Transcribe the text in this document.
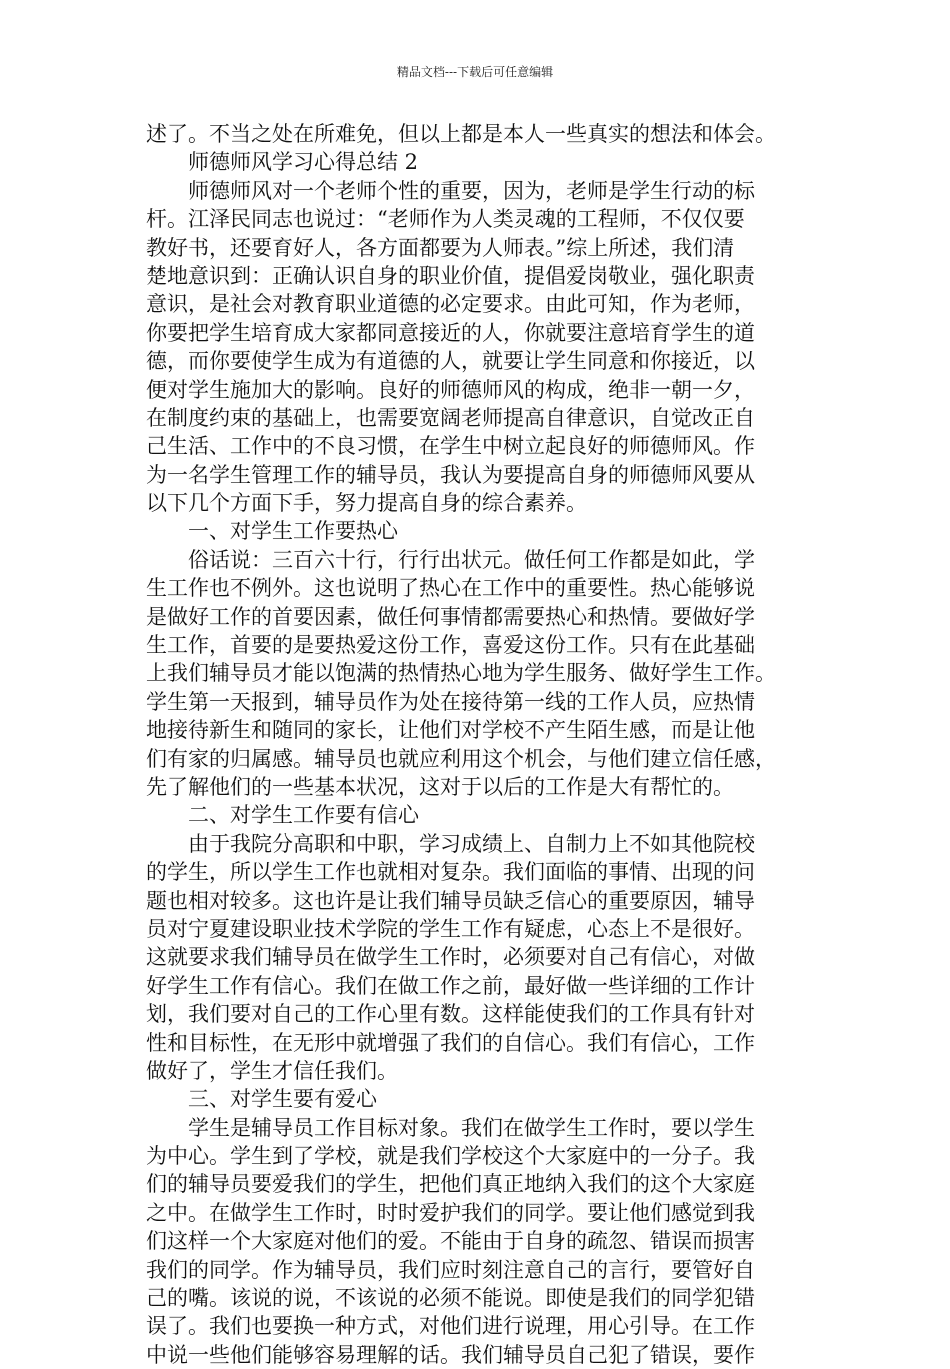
精品文档---下载后可任意编辑
述了。不当之处在所难免，但以上都是本人一些真实的想法和体会。
师德师风学习心得总结 2
师德师风对一个老师个性的重要，因为，老师是学生行动的标
杆。江泽民同志也说过：“老师作为人类灵魂的工程师，不仅仅要
教好书，还要育好人，各方面都要为人师表。”综上所述，我们清
楚地意识到：正确认识自身的职业价值，提倡爱岗敬业，强化职责
意识，是社会对教育职业道德的必定要求。由此可知，作为老师，
你要把学生培育成大家都同意接近的人，你就要注意培育学生的道
德，而你要使学生成为有道德的人，就要让学生同意和你接近，以
便对学生施加大的影响。良好的师德师风的构成，绝非一朝一夕，
在制度约束的基础上，也需要宽阔老师提高自律意识，自觉改正自
己生活、工作中的不良习惯，在学生中树立起良好的师德师风。作
为一名学生管理工作的辅导员，我认为要提高自身的师德师风要从
以下几个方面下手，努力提高自身的综合素养。
一、对学生工作要热心
俗话说：三百六十行，行行出状元。做任何工作都是如此，学
生工作也不例外。这也说明了热心在工作中的重要性。热心能够说
是做好工作的首要因素，做任何事情都需要热心和热情。要做好学
生工作，首要的是要热爱这份工作，喜爱这份工作。只有在此基础
上我们辅导员才能以饱满的热情热心地为学生服务、做好学生工作。
学生第一天报到，辅导员作为处在接待第一线的工作人员，应热情
地接待新生和随同的家长，让他们对学校不产生陌生感，而是让他
们有家的归属感。辅导员也就应利用这个机会，与他们建立信任感，
先了解他们的一些基本状况，这对于以后的工作是大有帮忙的。
二、对学生工作要有信心
由于我院分高职和中职，学习成绩上、自制力上不如其他院校
的学生，所以学生工作也就相对复杂。我们面临的事情、出现的问
题也相对较多。这也许是让我们辅导员缺乏信心的重要原因，辅导
员对宁夏建设职业技术学院的学生工作有疑虑，心态上不是很好。
这就要求我们辅导员在做学生工作时，必须要对自己有信心，对做
好学生工作有信心。我们在做工作之前，最好做一些详细的工作计
划，我们要对自己的工作心里有数。这样能使我们的工作具有针对
性和目标性，在无形中就增强了我们的自信心。我们有信心，工作
做好了，学生才信任我们。
三、对学生要有爱心
学生是辅导员工作目标对象。我们在做学生工作时，要以学生
为中心。学生到了学校，就是我们学校这个大家庭中的一分子。我
们的辅导员要爱我们的学生，把他们真正地纳入我们的这个大家庭
之中。在做学生工作时，时时爱护我们的同学。要让他们感觉到我
们这样一个大家庭对他们的爱。不能由于自身的疏忽、错误而损害
我们的同学。作为辅导员，我们应时刻注意自己的言行，要管好自
己的嘴。该说的说，不该说的必须不能说。即使是我们的同学犯错
误了。我们也要换一种方式，对他们进行说理，用心引导。在工作
中说一些他们能够容易理解的话。我们辅导员自己犯了错误，要作
